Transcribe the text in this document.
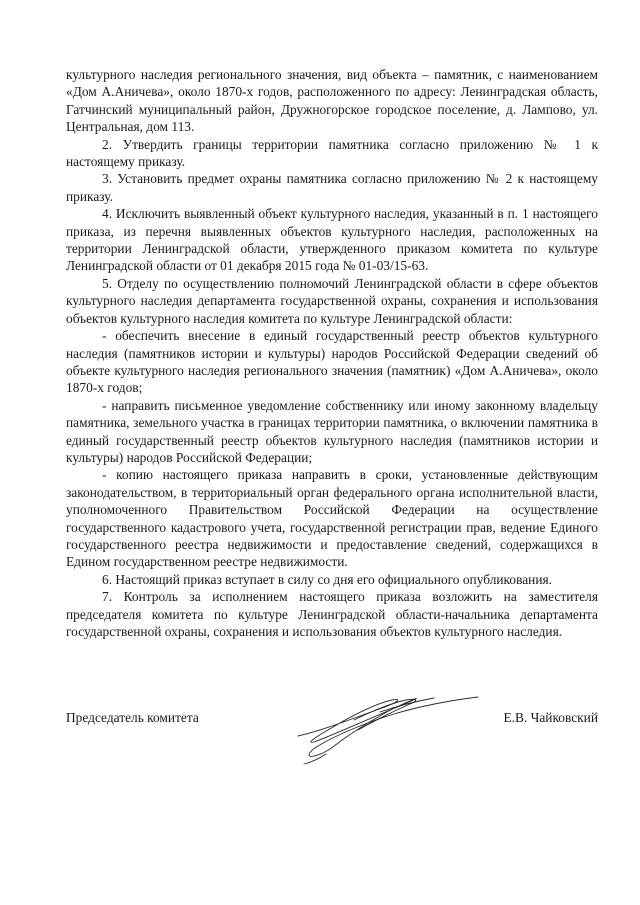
культурного наследия регионального значения, вид объекта – памятник, с наименованием «Дом А.Аничева», около 1870-х годов, расположенного по адресу: Ленинградская область, Гатчинский муниципальный район, Дружногорское городское поселение, д. Лампово, ул. Центральная, дом 113.

2. Утвердить границы территории памятника согласно приложению № 1 к настоящему приказу.

3. Установить предмет охраны памятника согласно приложению № 2 к настоящему приказу.

4. Исключить выявленный объект культурного наследия, указанный в п. 1 настоящего приказа, из перечня выявленных объектов культурного наследия, расположенных на территории Ленинградской области, утвержденного приказом комитета по культуре Ленинградской области от 01 декабря 2015 года № 01-03/15-63.

5. Отделу по осуществлению полномочий Ленинградской области в сфере объектов культурного наследия департамента государственной охраны, сохранения и использования объектов культурного наследия комитета по культуре Ленинградской области:

- обеспечить внесение в единый государственный реестр объектов культурного наследия (памятников истории и культуры) народов Российской Федерации сведений об объекте культурного наследия регионального значения (памятник) «Дом А.Аничева», около 1870-х годов;

- направить письменное уведомление собственнику или иному законному владельцу памятника, земельного участка в границах территории памятника, о включении памятника в единый государственный реестр объектов культурного наследия (памятников истории и культуры) народов Российской Федерации;

- копию настоящего приказа направить в сроки, установленные действующим законодательством, в территориальный орган федерального органа исполнительной власти, уполномоченного Правительством Российской Федерации на осуществление государственного кадастрового учета, государственной регистрации прав, ведение Единого государственного реестра недвижимости и предоставление сведений, содержащихся в Едином государственном реестре недвижимости.

6. Настоящий приказ вступает в силу со дня его официального опубликования.

7. Контроль за исполнением настоящего приказа возложить на заместителя председателя комитета по культуре Ленинградской области-начальника департамента государственной охраны, сохранения и использования объектов культурного наследия.

Председатель комитета	Е.В. Чайковский
